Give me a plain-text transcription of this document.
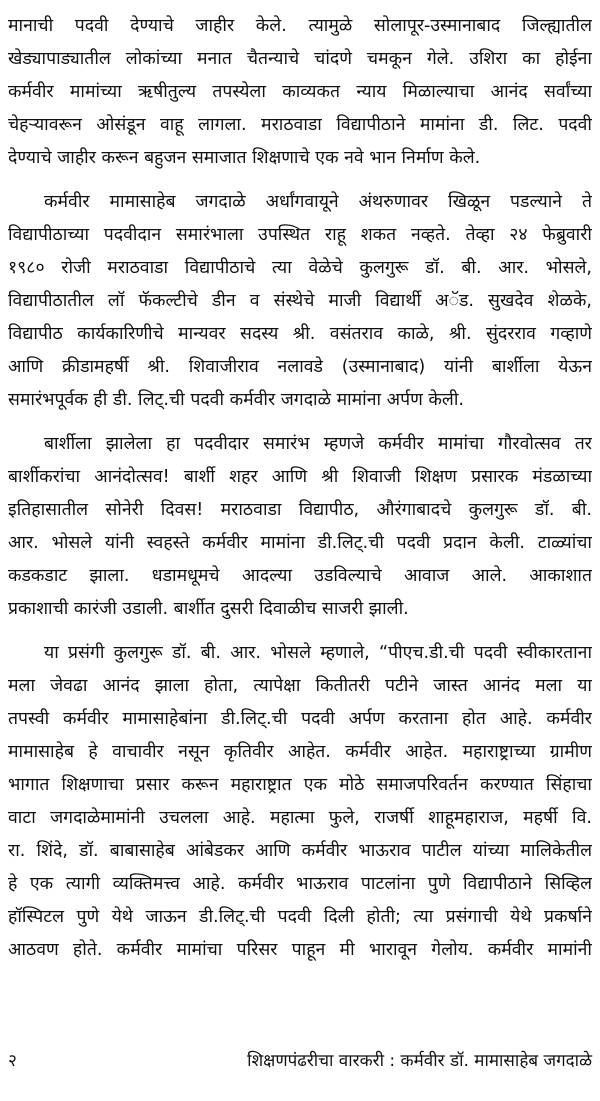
मानाची पदवी देण्याचे जाहीर केले. त्यामुळे सोलापूर-उस्मानाबाद जिल्ह्यातील
खेड्यापाड्यातील लोकांच्या मनात चैतन्याचे चांदणे चमकून गेले. उशिरा का होईना
कर्मवीर मामांच्या ऋषीतुल्य तपस्येला काव्यकत न्याय मिळाल्याचा आनंद सर्वांच्या
चेहऱ्यावरून ओसंडून वाहू लागला. मराठवाडा विद्यापीठाने मामांना डी. लिट. पदवी
देण्याचे जाहीर करून बहुजन समाजात शिक्षणाचे एक नवे भान निर्माण केले.
कर्मवीर मामासाहेब जगदाळे अर्धांगवायूने अंथरुणावर खिळून पडल्याने ते
विद्यापीठाच्या पदवीदान समारंभाला उपस्थित राहू शकत नव्हते. तेव्हा २४ फेब्रुवारी
१९८० रोजी मराठवाडा विद्यापीठाचे त्या वेळेचे कुलगुरू डॉ. बी. आर. भोसले,
विद्यापीठातील लॉ फॅकल्टीचे डीन व संस्थेचे माजी विद्यार्थी अॅड. सुखदेव शेळके,
विद्यापीठ कार्यकारिणीचे मान्यवर सदस्य श्री. वसंतराव काळे, श्री. सुंदरराव गव्हाणे
आणि क्रीडामहर्षी श्री. शिवाजीराव नलावडे (उस्मानाबाद) यांनी बार्शीला येऊन
समारंभपूर्वक ही डी. लिट्.ची पदवी कर्मवीर जगदाळे मामांना अर्पण केली.
बार्शीला झालेला हा पदवीदार समारंभ म्हणजे कर्मवीर मामांचा गौरवोत्सव तर
बार्शीकरांचा आनंदोत्सव! बार्शी शहर आणि श्री शिवाजी शिक्षण प्रसारक मंडळाच्या
इतिहासातील सोनेरी दिवस! मराठवाडा विद्यापीठ, औरंगाबादचे कुलगुरू डॉ. बी.
आर. भोसले यांनी स्वहस्ते कर्मवीर मामांना डी.लिट्.ची पदवी प्रदान केली. टाळ्यांचा
कडकडाट झाला. धडामधूमचे आदल्या उडविल्याचे आवाज आले. आकाशात
प्रकाशाची कारंजी उडाली. बार्शीत दुसरी दिवाळीच साजरी झाली.
या प्रसंगी कुलगुरू डॉ. बी. आर. भोसले म्हणाले, “पीएच.डी.ची पदवी स्वीकारताना
मला जेवढा आनंद झाला होता, त्यापेक्षा कितीतरी पटीने जास्त आनंद मला या
तपस्वी कर्मवीर मामासाहेबांना डी.लिट्.ची पदवी अर्पण करताना होत आहे. कर्मवीर
मामासाहेब हे वाचावीर नसून कृतिवीर आहेत. कर्मवीर आहेत. महाराष्ट्राच्या ग्रामीण
भागात शिक्षणाचा प्रसार करून महाराष्ट्रात एक मोठे समाजपरिवर्तन करण्यात सिंहाचा
वाटा जगदाळेमामांनी उचलला आहे. महात्मा फुले, राजर्षी शाहूमहाराज, महर्षी वि.
रा. शिंदे, डॉ. बाबासाहेब आंबेडकर आणि कर्मवीर भाऊराव पाटील यांच्या मालिकेतील
हे एक त्यागी व्यक्तिमत्त्व आहे. कर्मवीर भाऊराव पाटलांना पुणे विद्यापीठाने सिव्हिल
हॉस्पिटल पुणे येथे जाऊन डी.लिट्.ची पदवी दिली होती; त्या प्रसंगाची येथे प्रकर्षाने
आठवण होते. कर्मवीर मामांचा परिसर पाहून मी भारावून गेलोय. कर्मवीर मामांनी
२	शिक्षणपंढरीचा वारकरी : कर्मवीर डॉ. मामासाहेब जगदाळे
